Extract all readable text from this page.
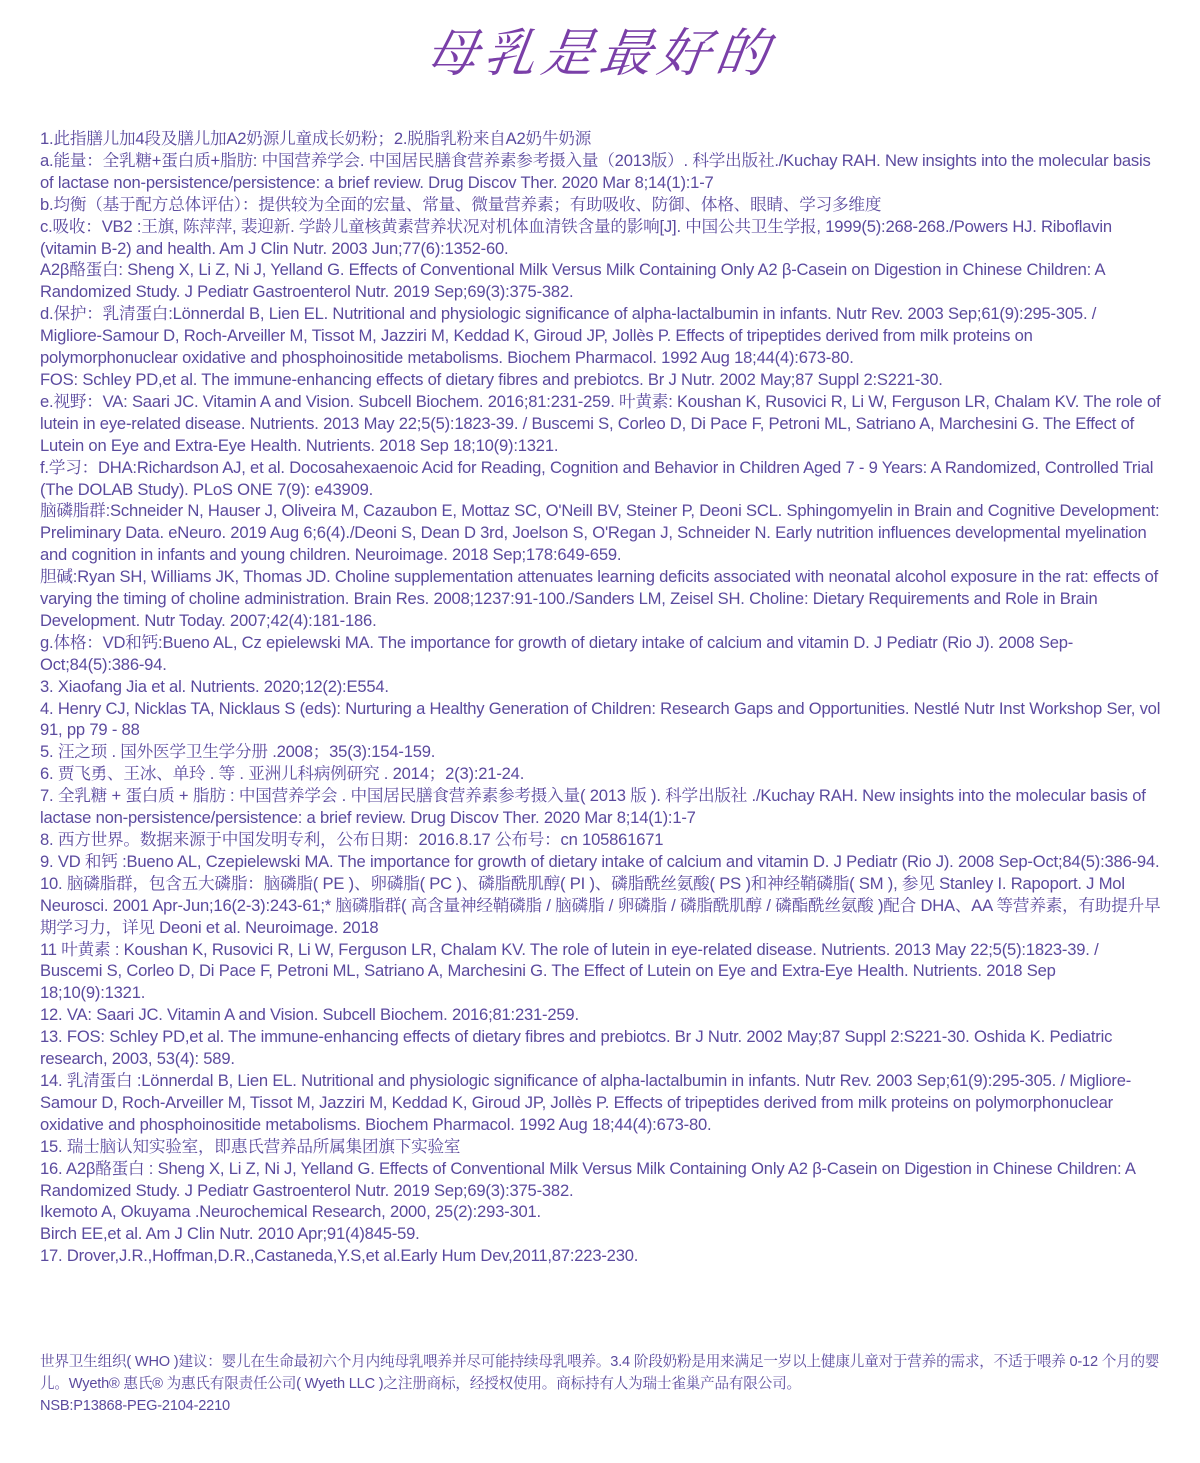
母乳是最好的

1.此指膳儿加4段及膳儿加A2奶源儿童成长奶粉；2.脱脂乳粉来自A2奶牛奶源

a.能量：全乳糖+蛋白质+脂肪: 中国营养学会. 中国居民膳食营养素参考摄入量（2013版）. 科学出版社./Kuchay RAH. New insights into the molecular basis of lactase non-persistence/persistence: a brief review. Drug Discov Ther. 2020 Mar 8;14(1):1-7

b.均衡（基于配方总体评估）：提供较为全面的宏量、常量、微量营养素；有助吸收、防御、体格、眼睛、学习多维度

c.吸收：VB2 :王旗, 陈萍萍, 裴迎新. 学龄儿童核黄素营养状况对机体血清铁含量的影响[J]. 中国公共卫生学报, 1999(5):268-268./Powers HJ. Riboflavin (vitamin B-2) and health. Am J Clin Nutr. 2003 Jun;77(6):1352-60.

A2β酪蛋白: Sheng X, Li Z, Ni J, Yelland G. Effects of Conventional Milk Versus Milk Containing Only A2 β-Casein on Digestion in Chinese Children: A Randomized Study. J Pediatr Gastroenterol Nutr. 2019 Sep;69(3):375-382.

d.保护：乳清蛋白:Lönnerdal B, Lien EL. Nutritional and physiologic significance of alpha-lactalbumin in infants. Nutr Rev. 2003 Sep;61(9):295-305. / Migliore-Samour D, Roch-Arveiller M, Tissot M, Jazziri M, Keddad K, Giroud JP, Jollès P. Effects of tripeptides derived from milk proteins on polymorphonuclear oxidative and phosphoinositide metabolisms. Biochem Pharmacol. 1992 Aug 18;44(4):673-80.

FOS: Schley PD,et al. The immune-enhancing effects of dietary fibres and prebiotcs. Br J Nutr. 2002 May;87 Suppl 2:S221-30.

e.视野：VA: Saari JC. Vitamin A and Vision. Subcell Biochem. 2016;81:231-259. 叶黄素: Koushan K, Rusovici R, Li W, Ferguson LR, Chalam KV. The role of lutein in eye-related disease. Nutrients. 2013 May 22;5(5):1823-39. / Buscemi S, Corleo D, Di Pace F, Petroni ML, Satriano A, Marchesini G. The Effect of Lutein on Eye and Extra-Eye Health. Nutrients. 2018 Sep 18;10(9):1321.

f.学习：DHA:Richardson AJ, et al. Docosahexaenoic Acid for Reading, Cognition and Behavior in Children Aged 7 - 9 Years: A Randomized, Controlled Trial (The DOLAB Study). PLoS ONE 7(9): e43909.

脑磷脂群:Schneider N, Hauser J, Oliveira M, Cazaubon E, Mottaz SC, O'Neill BV, Steiner P, Deoni SCL. Sphingomyelin in Brain and Cognitive Development: Preliminary Data. eNeuro. 2019 Aug 6;6(4)./Deoni S, Dean D 3rd, Joelson S, O'Regan J, Schneider N. Early nutrition influences developmental myelination and cognition in infants and young children. Neuroimage. 2018 Sep;178:649-659.

胆碱:Ryan SH, Williams JK, Thomas JD. Choline supplementation attenuates learning deficits associated with neonatal alcohol exposure in the rat: effects of varying the timing of choline administration. Brain Res. 2008;1237:91-100./Sanders LM, Zeisel SH. Choline: Dietary Requirements and Role in Brain Development. Nutr Today. 2007;42(4):181-186.

g.体格：VD和钙:Bueno AL, Cz epielewski MA. The importance for growth of dietary intake of calcium and vitamin D. J Pediatr (Rio J). 2008 Sep-Oct;84(5):386-94.

3. Xiaofang Jia et al. Nutrients. 2020;12(2):E554.

4. Henry CJ, Nicklas TA, Nicklaus S (eds): Nurturing a Healthy Generation of Children: Research Gaps and Opportunities. Nestlé Nutr Inst Workshop Ser, vol 91, pp 79 - 88

5. 汪之顼 . 国外医学卫生学分册 .2008；35(3):154-159.

6. 贾飞勇、王冰、单玲 . 等 . 亚洲儿科病例研究 . 2014；2(3):21-24.

7. 全乳糖 + 蛋白质 + 脂肪 : 中国营养学会 . 中国居民膳食营养素参考摄入量( 2013 版 ). 科学出版社 ./Kuchay RAH. New insights into the molecular basis of lactase non-persistence/persistence: a brief review. Drug Discov Ther. 2020 Mar 8;14(1):1-7

8. 西方世界。数据来源于中国发明专利，公布日期：2016.8.17 公布号：cn 105861671

9. VD 和钙 :Bueno AL, Czepielewski MA. The importance for growth of dietary intake of calcium and vitamin D. J Pediatr (Rio J). 2008 Sep-Oct;84(5):386-94.

10. 脑磷脂群，包含五大磷脂：脑磷脂( PE )、卵磷脂( PC )、磷脂酰肌醇( PI )、磷脂酰丝氨酸( PS )和神经鞘磷脂( SM ), 参见 Stanley I. Rapoport. J Mol Neurosci. 2001 Apr-Jun;16(2-3):243-61;* 脑磷脂群( 高含量神经鞘磷脂 / 脑磷脂 / 卵磷脂 / 磷脂酰肌醇 / 磷酯酰丝氨酸 )配合 DHA、AA 等营养素，有助提升早期学习力，详见 Deoni et al. Neuroimage. 2018

11 叶黄素 : Koushan K, Rusovici R, Li W, Ferguson LR, Chalam KV. The role of lutein in eye-related disease. Nutrients. 2013 May 22;5(5):1823-39. / Buscemi S, Corleo D, Di Pace F, Petroni ML, Satriano A, Marchesini G. The Effect of Lutein on Eye and Extra-Eye Health. Nutrients. 2018 Sep 18;10(9):1321.

12. VA: Saari JC. Vitamin A and Vision. Subcell Biochem. 2016;81:231-259.

13. FOS: Schley PD,et al. The immune-enhancing effects of dietary fibres and prebiotcs. Br J Nutr. 2002 May;87 Suppl 2:S221-30. Oshida K. Pediatric research, 2003, 53(4): 589.

14. 乳清蛋白 :Lönnerdal B, Lien EL. Nutritional and physiologic significance of alpha-lactalbumin in infants. Nutr Rev. 2003 Sep;61(9):295-305. / Migliore-Samour D, Roch-Arveiller M, Tissot M, Jazziri M, Keddad K, Giroud JP, Jollès P. Effects of tripeptides derived from milk proteins on polymorphonuclear oxidative and phosphoinositide metabolisms. Biochem Pharmacol. 1992 Aug 18;44(4):673-80.

15. 瑞士脑认知实验室，即惠氏营养品所属集团旗下实验室

16. A2β酪蛋白 : Sheng X, Li Z, Ni J, Yelland G. Effects of Conventional Milk Versus Milk Containing Only A2 β-Casein on Digestion in Chinese Children: A Randomized Study. J Pediatr Gastroenterol Nutr. 2019 Sep;69(3):375-382.

Ikemoto A, Okuyama .Neurochemical Research, 2000, 25(2):293-301.

Birch EE,et al. Am J Clin Nutr. 2010 Apr;91(4)845-59.

17. Drover,J.R.,Hoffman,D.R.,Castaneda,Y.S,et al.Early Hum Dev,2011,87:223-230.

世界卫生组织( WHO )建议：婴儿在生命最初六个月内纯母乳喂养并尽可能持续母乳喂养。3.4 阶段奶粉是用来满足一岁以上健康儿童对于营养的需求，不适于喂养 0-12 个月的婴儿。Wyeth® 惠氏® 为惠氏有限责任公司( Wyeth LLC )之注册商标，经授权使用。商标持有人为瑞士雀巢产品有限公司。

NSB:P13868-PEG-2104-2210
